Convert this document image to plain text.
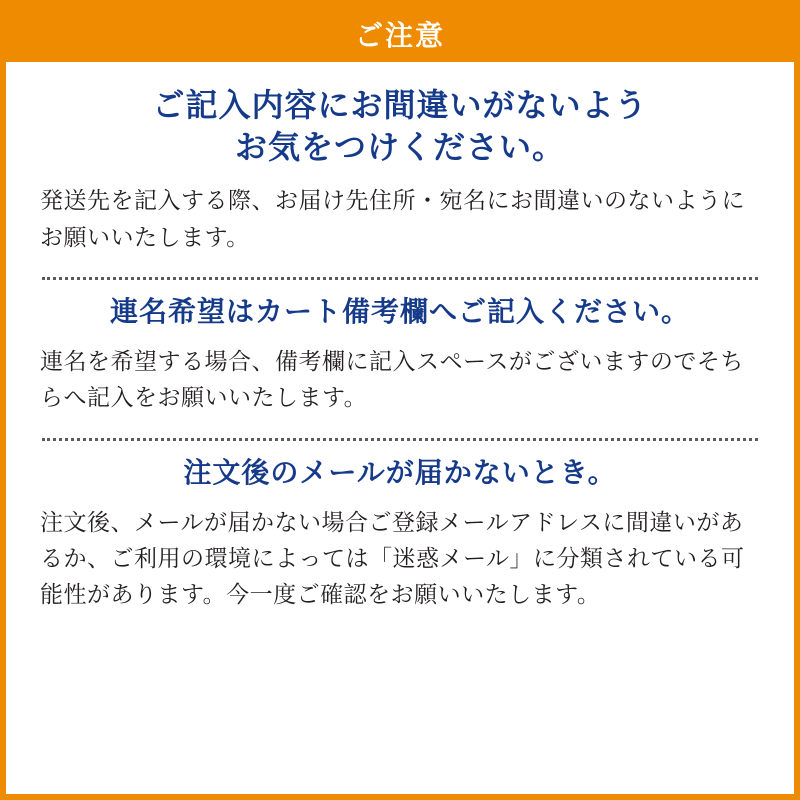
ご注意
ご記入内容にお間違いがないよう
お気をつけください。
発送先を記入する際、お届け先住所・宛名にお間違いのないようにお願いいたします。
連名希望はカート備考欄へご記入ください。
連名を希望する場合、備考欄に記入スペースがございますのでそちらへ記入をお願いいたします。
注文後のメールが届かないとき。
注文後、メールが届かない場合ご登録メールアドレスに間違いがあるか、ご利用の環境によっては「迷惑メール」に分類されている可能性があります。今一度ご確認をお願いいたします。
